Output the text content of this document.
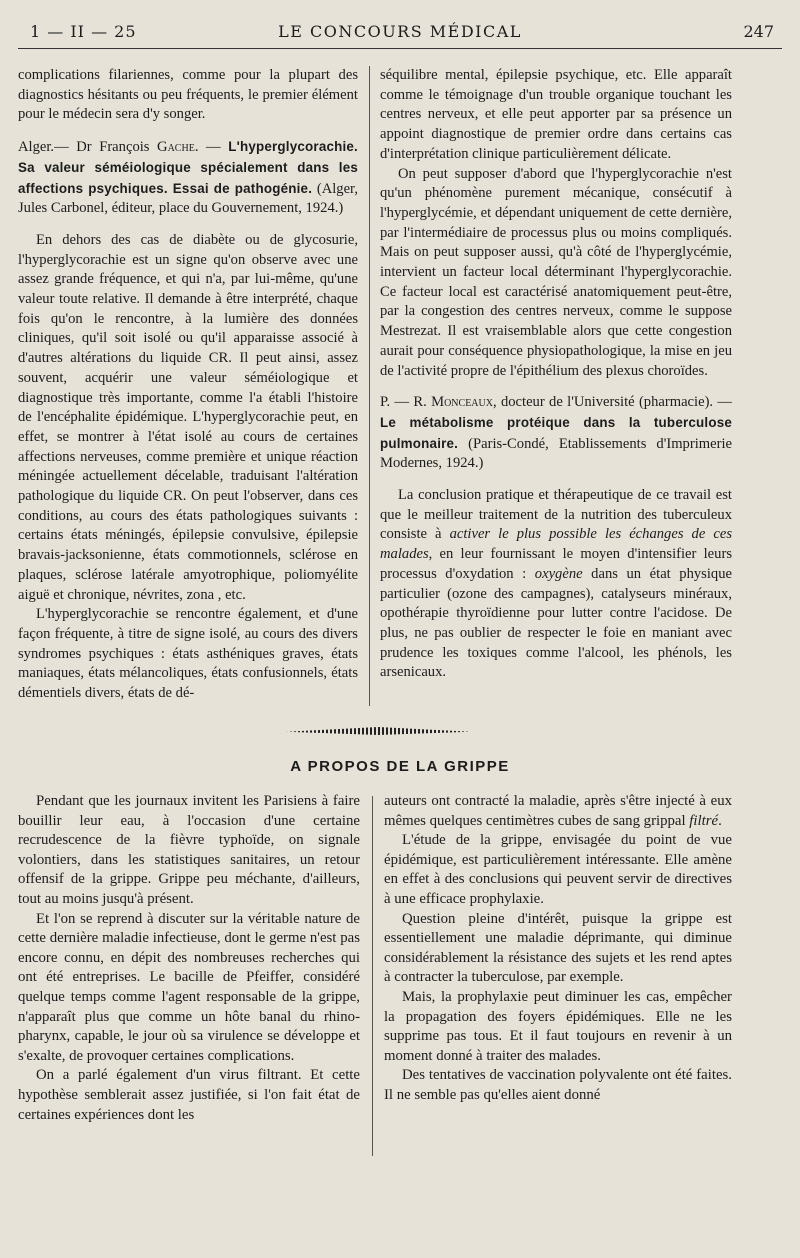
1 — II — 25	LE CONCOURS MÉDICAL	247

complications filariennes, comme pour la plupart des diagnostics hésitants ou peu fréquents, le premier élément pour le médecin sera d'y songer.

Alger.— Dr François Gache. — L'hyperglycorachie. Sa valeur séméiologique spécialement dans les affections psychiques. Essai de pathogénie. (Alger, Jules Carbonel, éditeur, place du Gouvernement, 1924.)

En dehors des cas de diabète ou de glycosurie, l'hyperglycorachie est un signe qu'on observe avec une assez grande fréquence, et qui n'a, par lui-même, qu'une valeur toute relative. Il demande à être interprété, chaque fois qu'on le rencontre, à la lumière des données cliniques, qu'il soit isolé ou qu'il apparaisse associé à d'autres altérations du liquide CR. Il peut ainsi, assez souvent, acquérir une valeur séméiologique et diagnostique très importante, comme l'a établi l'histoire de l'encéphalite épidémique. L'hyperglycorachie peut, en effet, se montrer à l'état isolé au cours de certaines affections nerveuses, comme première et unique réaction méningée actuellement décelable, traduisant l'altération pathologique du liquide CR. On peut l'observer, dans ces conditions, au cours des états pathologiques suivants : certains états méningés, épilepsie convulsive, épilepsie bravais-jacksonienne, états commotionnels, sclérose en plaques, sclérose latérale amyotrophique, poliomyélite aiguë et chronique, névrites, zona , etc.

L'hyperglycorachie se rencontre également, et d'une façon fréquente, à titre de signe isolé, au cours des divers syndromes psychiques : états asthéniques graves, états maniaques, états mélancoliques, états confusionnels, états démentiels divers, états de dé-

séquilibre mental, épilepsie psychique, etc. Elle apparaît comme le témoignage d'un trouble organique touchant les centres nerveux, et elle peut apporter par sa présence un appoint diagnostique de premier ordre dans certains cas d'interprétation clinique particulièrement délicate.

On peut supposer d'abord que l'hyperglycorachie n'est qu'un phénomène purement mécanique, consécutif à l'hyperglycémie, et dépendant uniquement de cette dernière, par l'intermédiaire de processus plus ou moins compliqués. Mais on peut supposer aussi, qu'à côté de l'hyperglycémie, intervient un facteur local déterminant l'hyperglycorachie. Ce facteur local est caractérisé anatomiquement peut-être, par la congestion des centres nerveux, comme le suppose Mestrezat. Il est vraisemblable alors que cette congestion aurait pour conséquence physiopathologique, la mise en jeu de l'activité propre de l'épithélium des plexus choroïdes.

P. — R. Monceaux, docteur de l'Université (pharmacie). — Le métabolisme protéique dans la tuberculose pulmonaire. (Paris-Condé, Etablissements d'Imprimerie Modernes, 1924.)

La conclusion pratique et thérapeutique de ce travail est que le meilleur traitement de la nutrition des tuberculeux consiste à activer le plus possible les échanges de ces malades, en leur fournissant le moyen d'intensifier leurs processus d'oxydation : oxygène dans un état physique particulier (ozone des campagnes), catalyseurs minéraux, opothérapie thyroïdienne pour lutter contre l'acidose. De plus, ne pas oublier de respecter le foie en maniant avec prudence les toxiques comme l'alcool, les phénols, les arsenicaux.

A PROPOS DE LA GRIPPE

Pendant que les journaux invitent les Parisiens à faire bouillir leur eau, à l'occasion d'une certaine recrudescence de la fièvre typhoïde, on signale volontiers, dans les statistiques sanitaires, un retour offensif de la grippe. Grippe peu méchante, d'ailleurs, tout au moins jusqu'à présent.

Et l'on se reprend à discuter sur la véritable nature de cette dernière maladie infectieuse, dont le germe n'est pas encore connu, en dépit des nombreuses recherches qui ont été entreprises. Le bacille de Pfeiffer, considéré quelque temps comme l'agent responsable de la grippe, n'apparaît plus que comme un hôte banal du rhino-pharynx, capable, le jour où sa virulence se développe et s'exalte, de provoquer certaines complications.

On a parlé également d'un virus filtrant. Et cette hypothèse semblerait assez justifiée, si l'on fait état de certaines expériences dont les

auteurs ont contracté la maladie, après s'être injecté à eux mêmes quelques centimètres cubes de sang grippal filtré.

L'étude de la grippe, envisagée du point de vue épidémique, est particulièrement intéressante. Elle amène en effet à des conclusions qui peuvent servir de directives à une efficace prophylaxie.

Question pleine d'intérêt, puisque la grippe est essentiellement une maladie déprimante, qui diminue considérablement la résistance des sujets et les rend aptes à contracter la tuberculose, par exemple.

Mais, la prophylaxie peut diminuer les cas, empêcher la propagation des foyers épidémiques. Elle ne les supprime pas tous. Et il faut toujours en revenir à un moment donné à traiter des malades.

Des tentatives de vaccination polyvalente ont été faites. Il ne semble pas qu'elles aient donné
